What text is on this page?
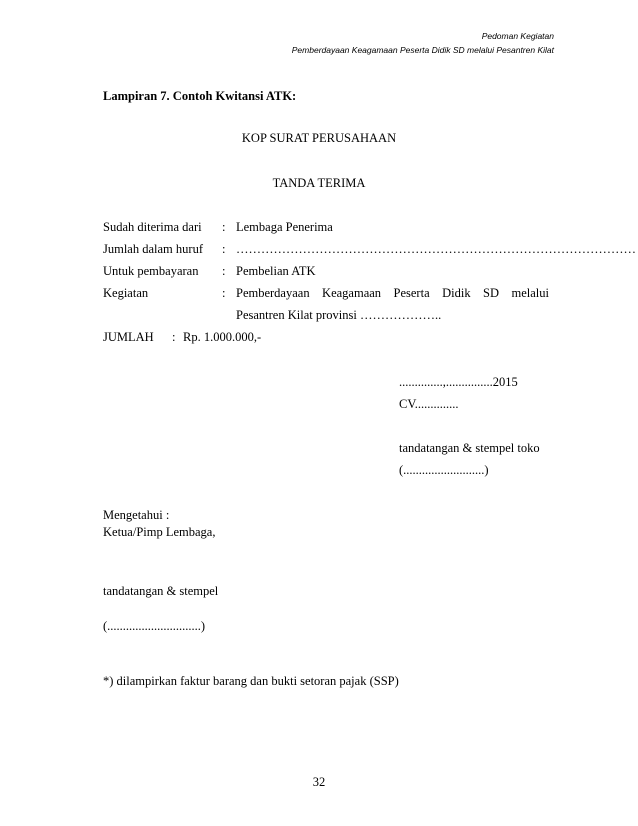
Pedoman Kegiatan
Pemberdayaan Keagamaan Peserta Didik SD melalui Pesantren Kilat
Lampiran 7. Contoh Kwitansi ATK:
KOP SURAT PERUSAHAAN
TANDA TERIMA
Sudah diterima dari : Lembaga Penerima
Jumlah dalam huruf : ……………………………………………………………………………………
Untuk pembayaran : Pembelian ATK
Kegiatan	: Pemberdayaan Keagamaan Peserta Didik SD melalui
Pesantren Kilat provinsi ………………..
JUMLAH : Rp. 1.000.000,-
..............,...............2015
CV..............
tandatangan & stempel toko
(..........................)
Mengetahui :
Ketua/Pimp Lembaga,
tandatangan & stempel
(..............................)
*) dilampirkan faktur barang dan bukti setoran pajak (SSP)
32
